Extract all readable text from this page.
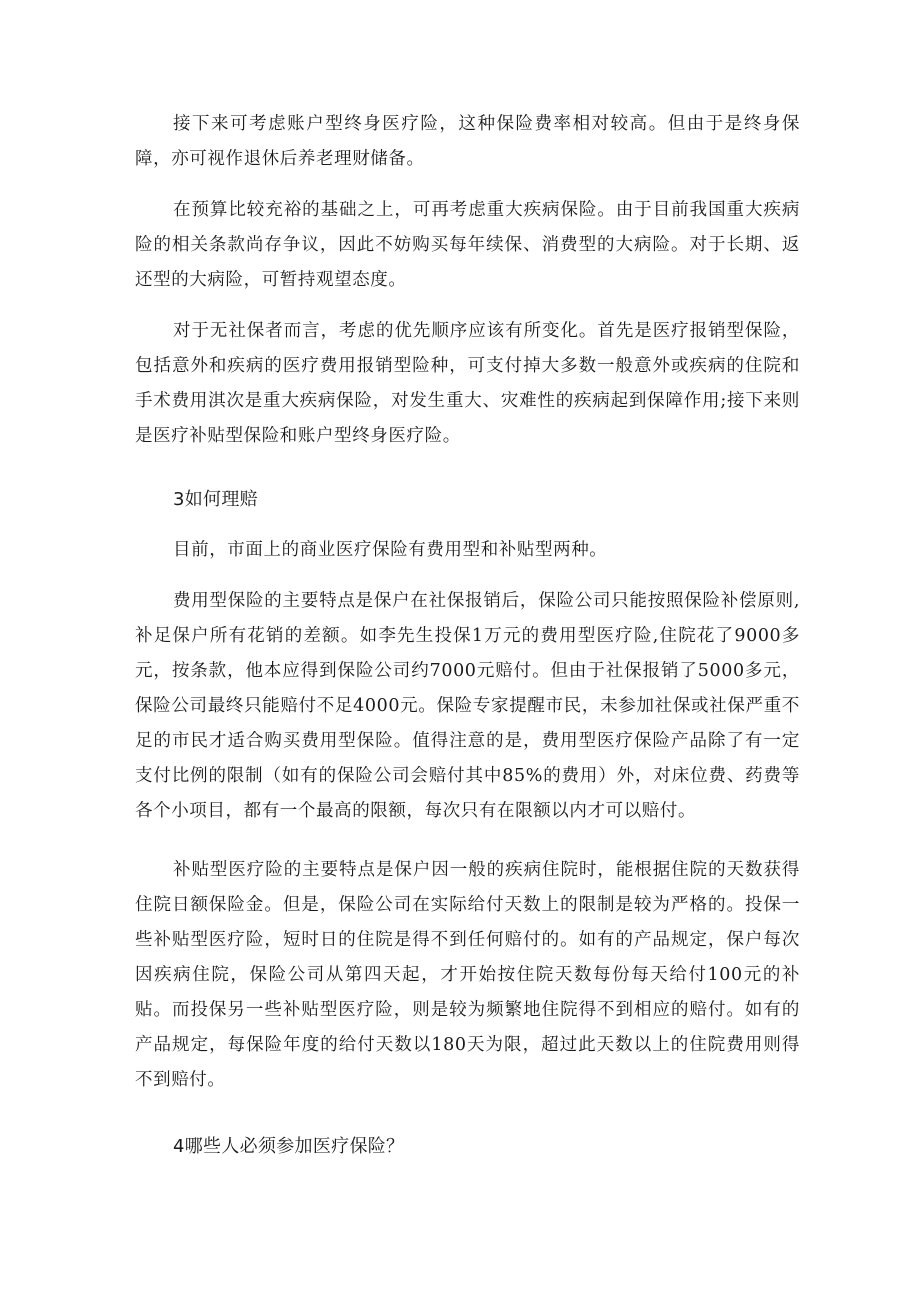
接下来可考虑账户型终身医疗险，这种保险费率相对较高。但由于是终身保障，亦可视作退休后养老理财储备。

在预算比较充裕的基础之上，可再考虑重大疾病保险。由于目前我国重大疾病险的相关条款尚存争议，因此不妨购买每年续保、消费型的大病险。对于长期、返还型的大病险，可暂持观望态度。

对于无社保者而言，考虑的优先顺序应该有所变化。首先是医疗报销型保险，包括意外和疾病的医疗费用报销型险种，可支付掉大多数一般意外或疾病的住院和手术费用淇次是重大疾病保险，对发生重大、灾难性的疾病起到保障作用;接下来则是医疗补贴型保险和账户型终身医疗险。

3如何理赔

目前，市面上的商业医疗保险有费用型和补贴型两种。

费用型保险的主要特点是保户在社保报销后，保险公司只能按照保险补偿原则,补足保户所有花销的差额。如李先生投保1万元的费用型医疗险,住院花了9000多元，按条款，他本应得到保险公司约7000元赔付。但由于社保报销了5000多元，保险公司最终只能赔付不足4000元。保险专家提醒市民，未参加社保或社保严重不足的市民才适合购买费用型保险。值得注意的是，费用型医疗保险产品除了有一定支付比例的限制（如有的保险公司会赔付其中85%的费用）外，对床位费、药费等各个小项目，都有一个最高的限额，每次只有在限额以内才可以赔付。

补贴型医疗险的主要特点是保户因一般的疾病住院时，能根据住院的天数获得住院日额保险金。但是，保险公司在实际给付天数上的限制是较为严格的。投保一些补贴型医疗险，短时日的住院是得不到任何赔付的。如有的产品规定，保户每次因疾病住院，保险公司从第四天起，才开始按住院天数每份每天给付100元的补贴。而投保另一些补贴型医疗险，则是较为频繁地住院得不到相应的赔付。如有的产品规定，每保险年度的给付天数以180天为限，超过此天数以上的住院费用则得不到赔付。

4哪些人必须参加医疗保险？
